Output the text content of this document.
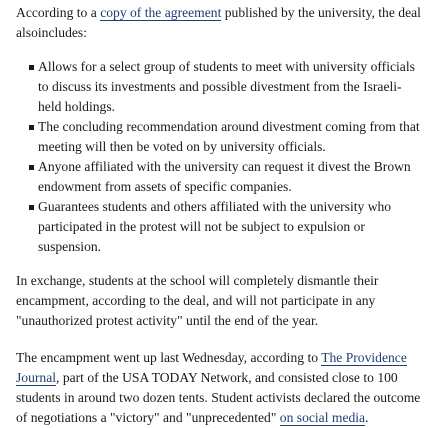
According to a copy of the agreement published by the university, the deal alsoincludes:

Allows for a select group of students to meet with university officials to discuss its investments and possible divestment from the Israeli-held holdings.
The concluding recommendation around divestment coming from that meeting will then be voted on by university officials.
Anyone affiliated with the university can request it divest the Brown endowment from assets of specific companies.
Guarantees students and others affiliated with the university who participated in the protest will not be subject to expulsion or suspension.

In exchange, students at the school will completely dismantle their encampment, according to the deal, and will not participate in any "unauthorized protest activity" until the end of the year.

The encampment went up last Wednesday, according to The Providence Journal, part of the USA TODAY Network, and consisted close to 100 students in around two dozen tents. Student activists declared the outcome of negotiations a "victory" and "unprecedented" on social media.
